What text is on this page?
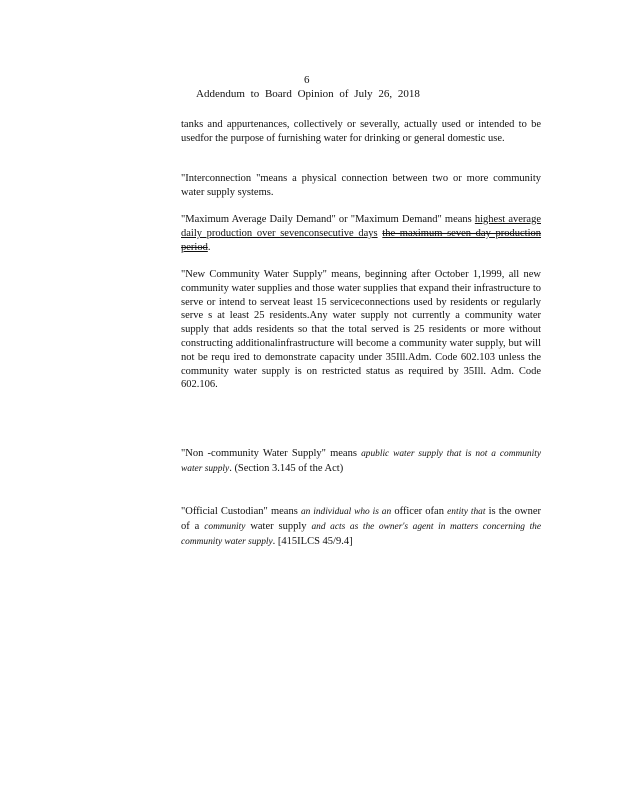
6
Addendum to Board Opinion of July 26, 2018

tanks and appurtenances, collectively or severally, actually used or intended to be usedfor the purpose of furnishing water for drinking or general domestic use.

"Interconnection "means a physical connection between two or more community water supply systems.

"Maximum Average Daily Demand" or "Maximum Demand" means highest average daily production over sevenconsecutive days the maximum seven day production period.

"New Community Water Supply" means, beginning after October 1,1999, all new community water supplies and those water supplies that expand their infrastructure to serve or intend to serveat least 15 serviceconnections used by residents or regularly serve s at least 25 residents.Any water supply not currently a community water supply that adds residents so that the total served is 25 residents or more without constructing additionalinfrastructure will become a community water supply, but will not be requ ired to demonstrate capacity under 35Ill.Adm. Code 602.103 unless the community water supply is on restricted status as required by 35Ill. Adm. Code 602.106.

"Non -community Water Supply" means apublic water supply that is not a community water supply. (Section 3.145 of the Act)

"Official Custodian" means an individual who is an officer ofan entity that is the owner of a community water supply and acts as the owner's agent in matters concerning the community water supply. [415ILCS 45/9.4]
